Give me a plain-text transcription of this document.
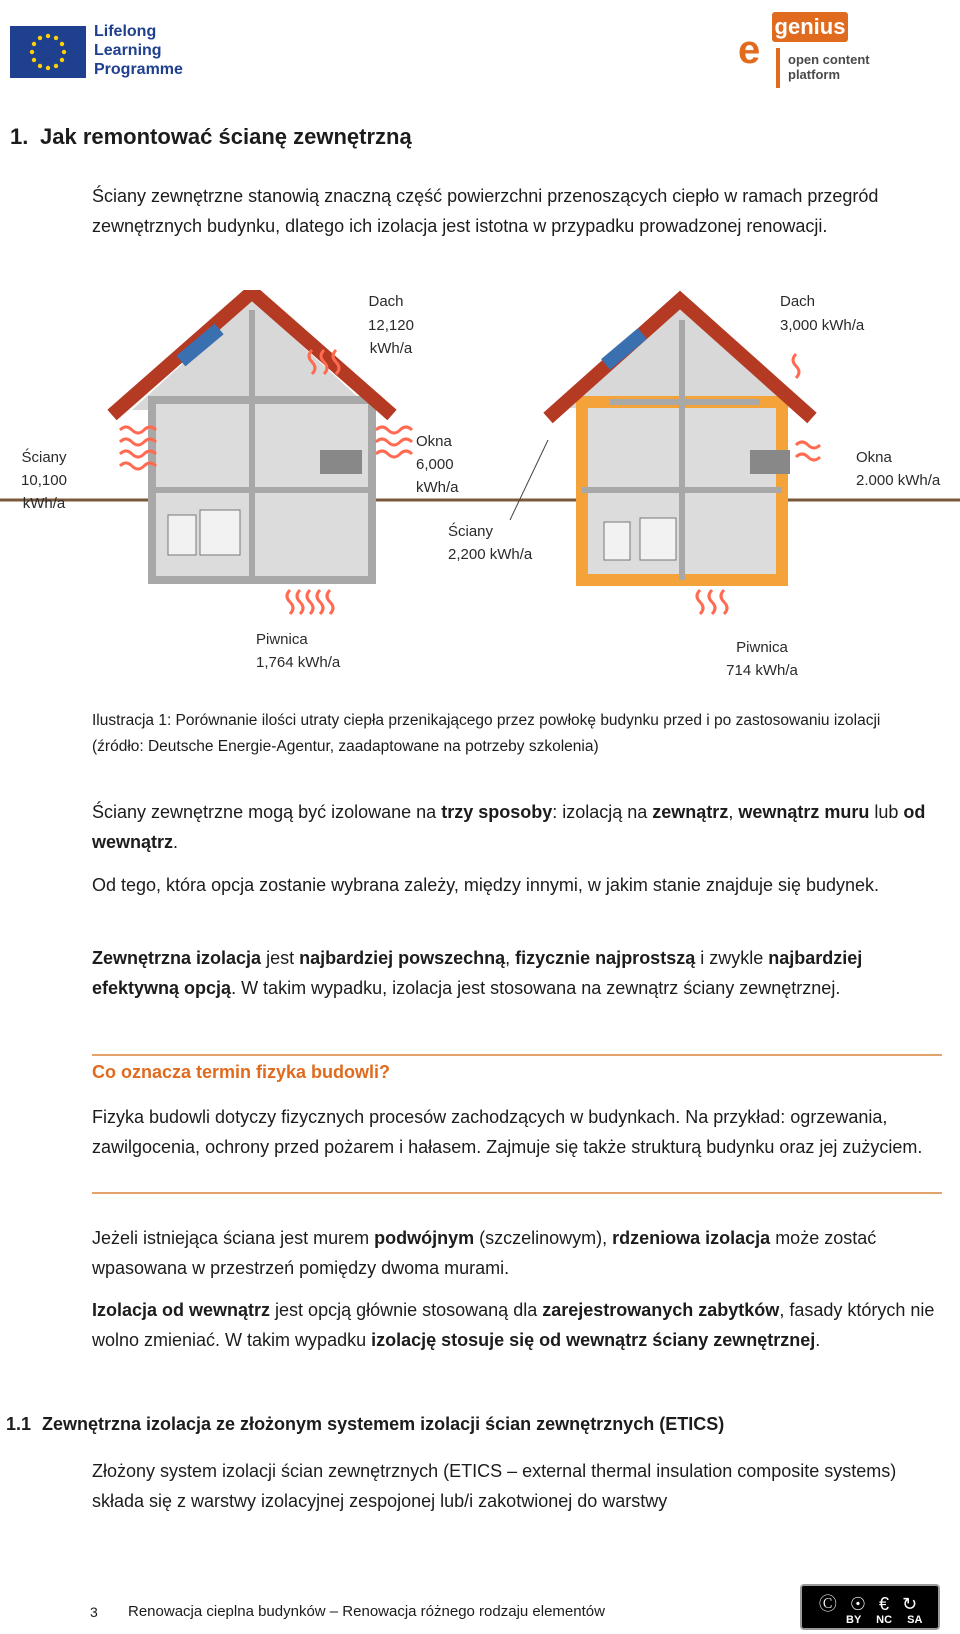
Lifelong
Learning
Programme
genius
e open content
platform
1. Jak remontować ścianę zewnętrzną
Ściany zewnętrzne stanowią znaczną część powierzchni przenoszących ciepło w ramach przegród zewnętrznych budynku, dlatego ich izolacja jest istotna w przypadku prowadzonej renowacji.
Dach
12,120 kWh/a
Dach
3,000 kWh/a
Ściany
10,100
kWh/a
Okna
6,000
kWh/a
Okna
2.000 kWh/a
Ściany
2,200 kWh/a
Piwnica
1,764 kWh/a
Piwnica
714 kWh/a
Ilustracja 1: Porównanie ilości utraty ciepła przenikającego przez powłokę budynku przed i po zastosowaniu izolacji (źródło: Deutsche Energie-Agentur, zaadaptowane na potrzeby szkolenia)
Ściany zewnętrzne mogą być izolowane na trzy sposoby: izolacją na zewnątrz, wewnątrz muru lub od wewnątrz.
Od tego, która opcja zostanie wybrana zależy, między innymi, w jakim stanie znajduje się budynek.
Zewnętrzna izolacja jest najbardziej powszechną, fizycznie najprostszą i zwykle najbardziej efektywną opcją. W takim wypadku, izolacja jest stosowana na zewnątrz ściany zewnętrznej.
Co oznacza termin fizyka budowli?
Fizyka budowli dotyczy fizycznych procesów zachodzących w budynkach. Na przykład: ogrzewania, zawilgocenia, ochrony przed pożarem i hałasem. Zajmuje się także strukturą budynku oraz jej zużyciem.
Jeżeli istniejąca ściana jest murem podwójnym (szczelinowym), rdzeniowa izolacja może zostać wpasowana w przestrzeń pomiędzy dwoma murami.
Izolacja od wewnątrz jest opcją głównie stosowaną dla zarejestrowanych zabytków, fasady których nie wolno zmieniać. W takim wypadku izolację stosuje się od wewnątrz ściany zewnętrznej.
1.1 Zewnętrzna izolacja ze złożonym systemem izolacji ścian zewnętrznych (ETICS)
Złożony system izolacji ścian zewnętrznych (ETICS – external thermal insulation composite systems) składa się z warstwy izolacyjnej zespojonej lub/i zakotwionej do warstwy
3 Renowacja cieplna budynków – Renowacja różnego rodzaju elementów	Ⓒ ☉ € ↻
BY NC SA
